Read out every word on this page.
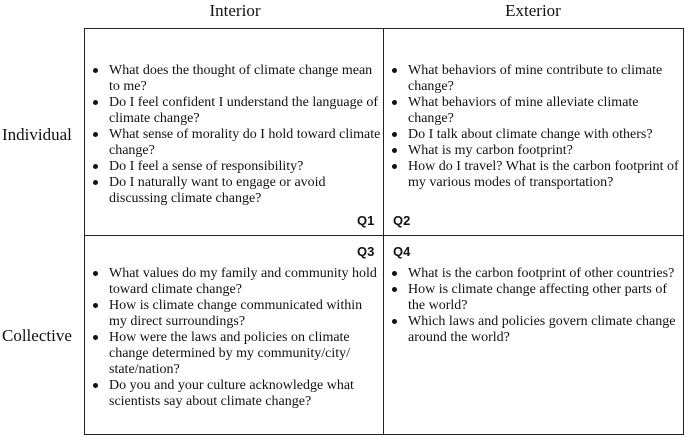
Interior	Exterior
Individual
Collective
What does the thought of climate change mean to me?
Do I feel confident I understand the language of climate change?
What sense of morality do I hold toward climate change?
Do I feel a sense of responsibility?
Do I naturally want to engage or avoid discussing climate change?
Q1
What behaviors of mine contribute to climate change?
What behaviors of mine alleviate climate change?
Do I talk about climate change with others?
What is my carbon footprint?
How do I travel? What is the carbon footprint of my various modes of transportation?
Q2
Q3
What values do my family and community hold toward climate change?
How is climate change communicated within my direct surroundings?
How were the laws and policies on climate change determined by my community/city/ state/nation?
Do you and your culture acknowledge what scientists say about climate change?
Q4
What is the carbon footprint of other countries?
How is climate change affecting other parts of the world?
Which laws and policies govern climate change around the world?
